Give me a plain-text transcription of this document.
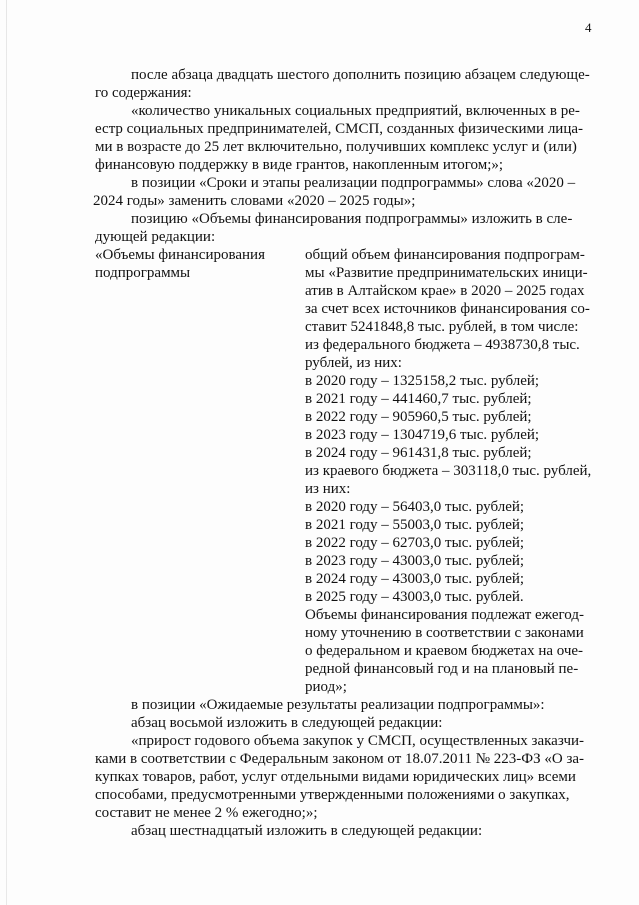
4
после абзаца двадцать шестого дополнить позицию абзацем следующе-
го содержания:
«количество уникальных социальных предприятий, включенных в ре-
естр социальных предпринимателей, СМСП, созданных физическими лица-
ми в возрасте до 25 лет включительно, получивших комплекс услуг и (или)
финансовую поддержку в виде грантов, накопленным итогом;»;
в позиции «Сроки и этапы реализации подпрограммы» слова «2020 –
2024 годы» заменить словами «2020 – 2025 годы»;
позицию «Объемы финансирования подпрограммы» изложить в сле-
дующей редакции:
«Объемы финансирования
подпрограммы
общий объем финансирования подпрограм-
мы «Развитие предпринимательских иници-
атив в Алтайском крае» в 2020 – 2025 годах
за счет всех источников финансирования со-
ставит 5241848,8 тыс. рублей, в том числе:
из федерального бюджета – 4938730,8 тыс.
рублей, из них:
в 2020 году – 1325158,2 тыс. рублей;
в 2021 году – 441460,7 тыс. рублей;
в 2022 году – 905960,5 тыс. рублей;
в 2023 году – 1304719,6 тыс. рублей;
в 2024 году – 961431,8 тыс. рублей;
из краевого бюджета – 303118,0 тыс. рублей,
из них:
в 2020 году – 56403,0 тыс. рублей;
в 2021 году – 55003,0 тыс. рублей;
в 2022 году – 62703,0 тыс. рублей;
в 2023 году – 43003,0 тыс. рублей;
в 2024 году – 43003,0 тыс. рублей;
в 2025 году – 43003,0 тыс. рублей.
Объемы финансирования подлежат ежегод-
ному уточнению в соответствии с законами
о федеральном и краевом бюджетах на оче-
редной финансовый год и на плановый пе-
риод»;
в позиции «Ожидаемые результаты реализации подпрограммы»:
абзац восьмой изложить в следующей редакции:
«прирост годового объема закупок у СМСП, осуществленных заказчи-
ками в соответствии с Федеральным законом от 18.07.2011 № 223-ФЗ «О за-
купках товаров, работ, услуг отдельными видами юридических лиц» всеми
способами, предусмотренными утвержденными положениями о закупках,
составит не менее 2 % ежегодно;»;
абзац шестнадцатый изложить в следующей редакции:
